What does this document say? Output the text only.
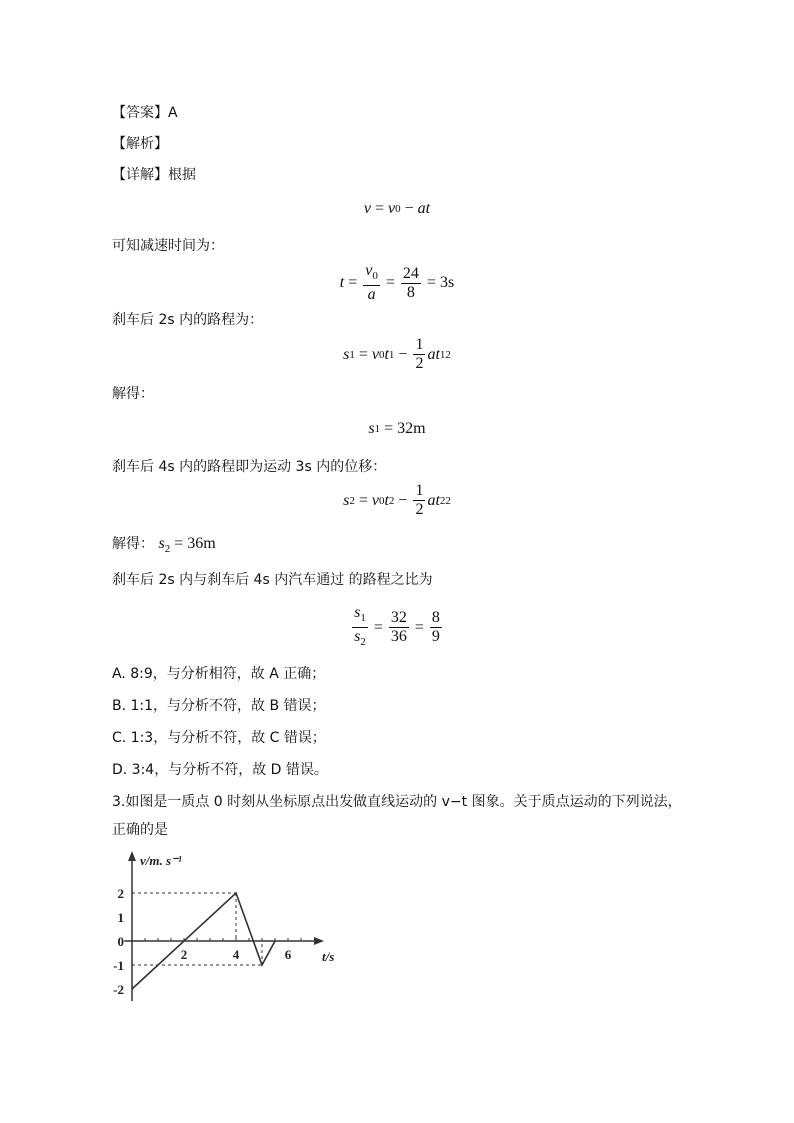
【答案】A
【解析】
【详解】根据
v = v 0 − at
可知减速时间为：
$t = \frac{v_0}{a} = \frac{24}{8} = 3s$
刹车后 2s 内的路程为：
s 1 = v 0 t $1 - \frac{1}{2}$ at 1 2
解得：
s 1 = 32m
刹车后 4s 内的路程即为运动 3s 内的位移：
s 2 = v 0 t $2 - \frac{1}{2}$ at 2 2
解得： $s_2 = 36m$
刹车后 2s 内与刹车后 4s 内汽车通过 的路程之比为
$\frac{s_1}{s_2} = \frac{32}{36} = \frac{8}{9}$
A. 8:9，与分析相符，故 A 正确；
B. 1:1，与分析不符，故 B 错误；
C. 1:3，与分析不符，故 C 错误；
D. 3:4，与分析不符，故 D 错误。
3.如图是一质点 0 时刻从坐标原点出发做直线运动的 v−t 图象。关于质点运动的下列说法，
正确的是
2
1
0
-1
-2
2	4	6
v/m. s⁻¹
t/s
